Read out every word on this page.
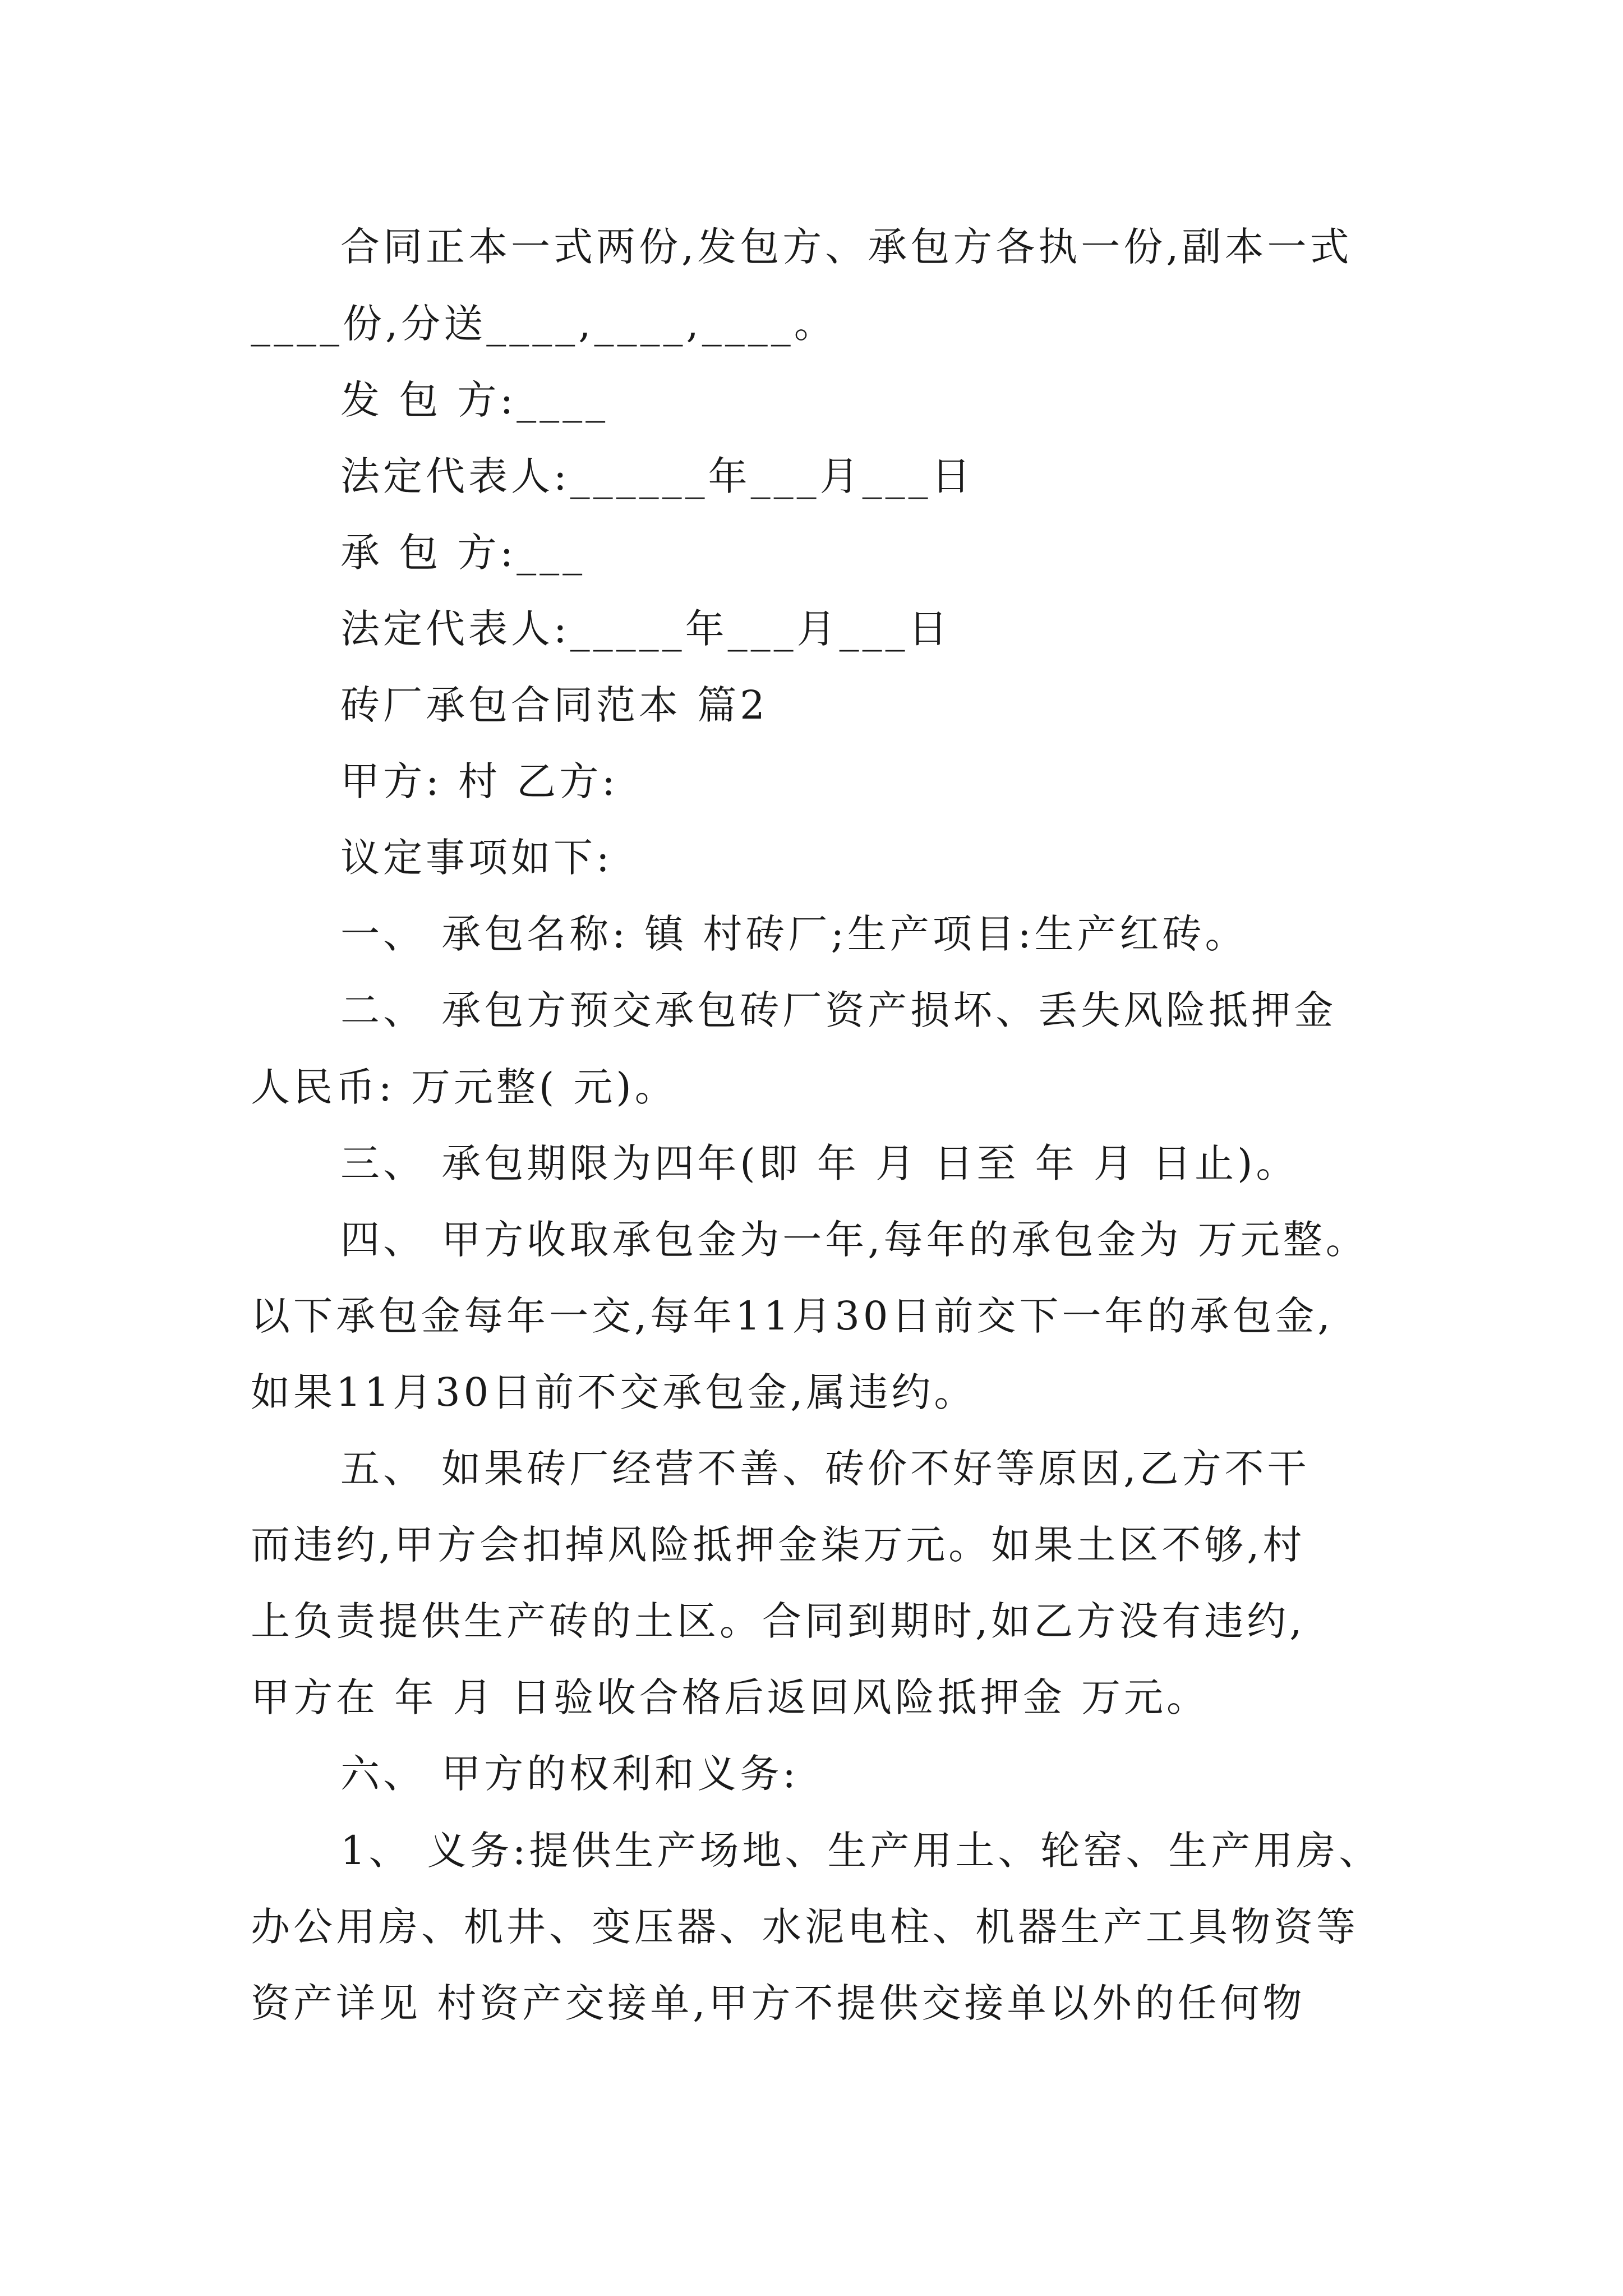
合同正本一式两份,发包方、承包方各执一份,副本一式
____份,分送____,____,____。
发 包 方:____
法定代表人:______年___月___日
承 包 方:___
法定代表人:_____年___月___日
砖厂承包合同范本 篇2
甲方: 村 乙方:
议定事项如下:
一、 承包名称: 镇 村砖厂;生产项目:生产红砖。
二、 承包方预交承包砖厂资产损坏、丢失风险抵押金
人民币: 万元整( 元)。
三、 承包期限为四年(即 年 月 日至 年 月 日止)。
四、 甲方收取承包金为一年,每年的承包金为 万元整。
以下承包金每年一交,每年11月30日前交下一年的承包金,
如果11月30日前不交承包金,属违约。
五、 如果砖厂经营不善、砖价不好等原因,乙方不干
而违约,甲方会扣掉风险抵押金柒万元。如果土区不够,村
上负责提供生产砖的土区。合同到期时,如乙方没有违约,
甲方在 年 月 日验收合格后返回风险抵押金 万元。
六、 甲方的权利和义务:
1、 义务:提供生产场地、生产用土、轮窑、生产用房、
办公用房、机井、变压器、水泥电柱、机器生产工具物资等
资产详见 村资产交接单,甲方不提供交接单以外的任何物
